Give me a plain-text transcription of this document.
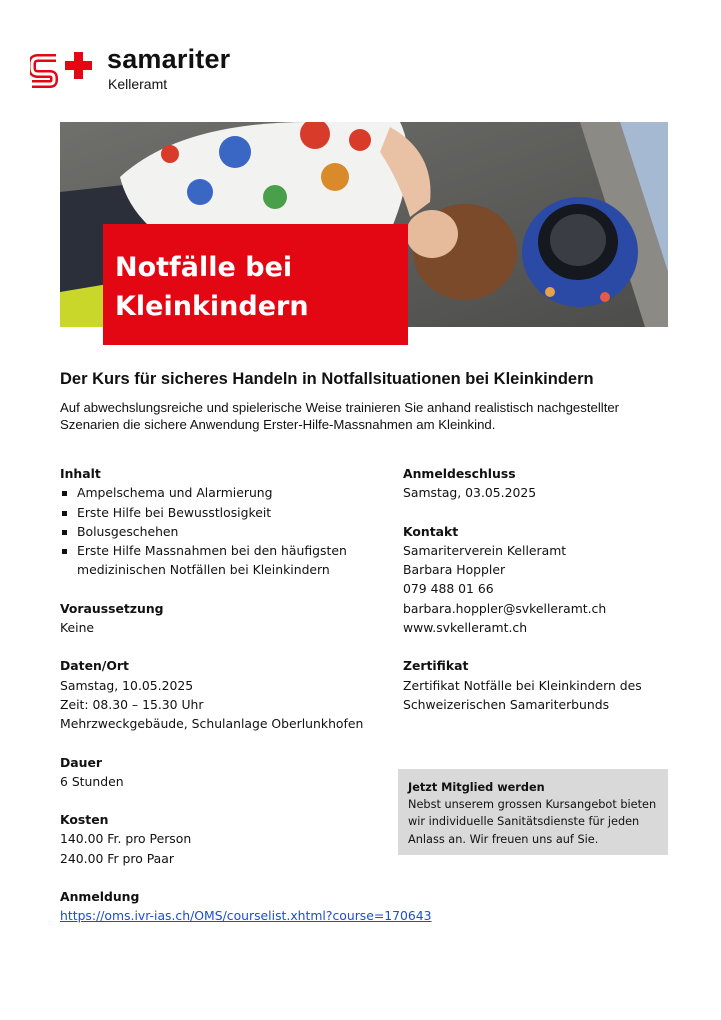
samariter
Kelleramt
Notfälle bei
Kleinkindern
Der Kurs für sicheres Handeln in Notfallsituationen bei Kleinkindern
Auf abwechslungsreiche und spielerische Weise trainieren Sie anhand realistisch nachgestellter
Szenarien die sichere Anwendung Erster-Hilfe-Massnahmen am Kleinkind.
Inhalt
Ampelschema und Alarmierung
Erste Hilfe bei Bewusstlosigkeit
Bolusgeschehen
Erste Hilfe Massnahmen bei den häufigsten
medizinischen Notfällen bei Kleinkindern
Voraussetzung
Keine
Daten/Ort
Samstag, 10.05.2025
Zeit: 08.30 – 15.30 Uhr
Mehrzweckgebäude, Schulanlage Oberlunkhofen
Dauer
6 Stunden
Kosten
140.00 Fr. pro Person
240.00 Fr pro Paar
Anmeldung
https://oms.ivr-ias.ch/OMS/courselist.xhtml?course=170643
Anmeldeschluss
Samstag, 03.05.2025
Kontakt
Samariterverein Kelleramt
Barbara Hoppler
079 488 01 66
barbara.hoppler@svkelleramt.ch
www.svkelleramt.ch
Zertifikat
Zertifikat Notfälle bei Kleinkindern des
Schweizerischen Samariterbunds
Jetzt Mitglied werden
Nebst unserem grossen Kursangebot bieten
wir individuelle Sanitätsdienste für jeden
Anlass an. Wir freuen uns auf Sie.
